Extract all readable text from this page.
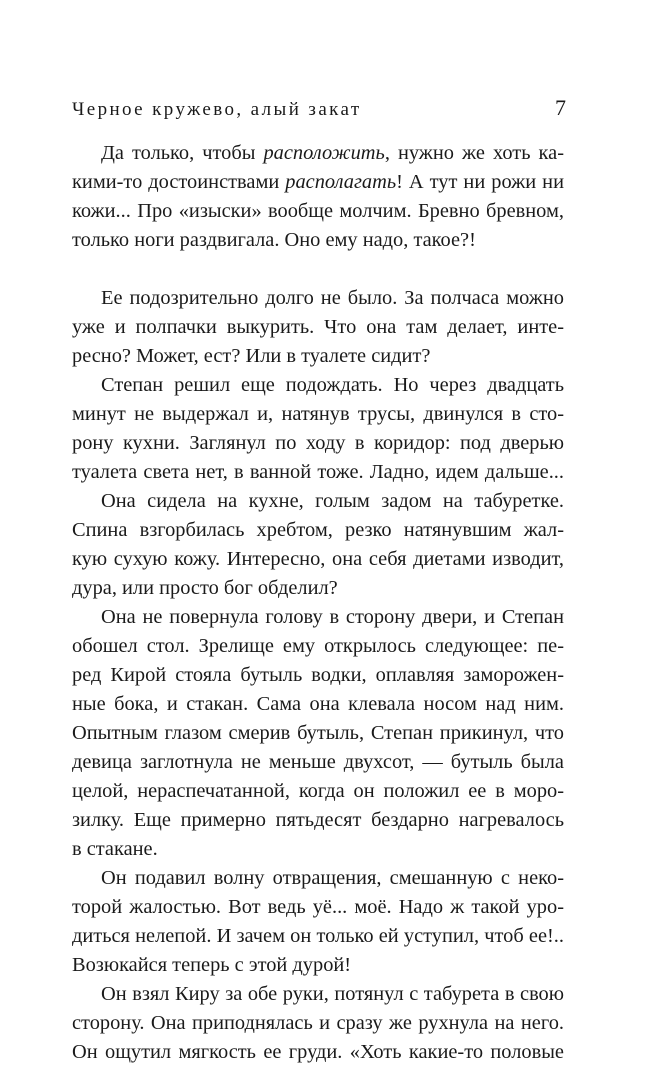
Черное кружево, алый закат	7
Да только, чтобы расположить, нужно же хоть ка-
кими-то достоинствами располагать! А тут ни рожи ни
кожи... Про «изыски» вообще молчим. Бревно бревном,
только ноги раздвигала. Оно ему надо, такое?!
Ее подозрительно долго не было. За полчаса можно
уже и полпачки выкурить. Что она там делает, инте-
ресно? Может, ест? Или в туалете сидит?
Степан решил еще подождать. Но через двадцать
минут не выдержал и, натянув трусы, двинулся в сто-
рону кухни. Заглянул по ходу в коридор: под дверью
туалета света нет, в ванной тоже. Ладно, идем дальше...
Она сидела на кухне, голым задом на табуретке.
Спина взгорбилась хребтом, резко натянувшим жал-
кую сухую кожу. Интересно, она себя диетами изводит,
дура, или просто бог обделил?
Она не повернула голову в сторону двери, и Степан
обошел стол. Зрелище ему открылось следующее: пе-
ред Кирой стояла бутыль водки, оплавляя заморожен-
ные бока, и стакан. Сама она клевала носом над ним.
Опытным глазом смерив бутыль, Степан прикинул, что
девица заглотнула не меньше двухсот, — бутыль была
целой, нераспечатанной, когда он положил ее в моро-
зилку. Еще примерно пятьдесят бездарно нагревалось
в стакане.
Он подавил волну отвращения, смешанную с неко-
торой жалостью. Вот ведь уё... моё. Надо ж такой уро-
диться нелепой. И зачем он только ей уступил, чтоб ее!..
Возюкайся теперь с этой дурой!
Он взял Киру за обе руки, потянул с табурета в свою
сторону. Она приподнялась и сразу же рухнула на него.
Он ощутил мягкость ее груди. «Хоть какие-то половые
